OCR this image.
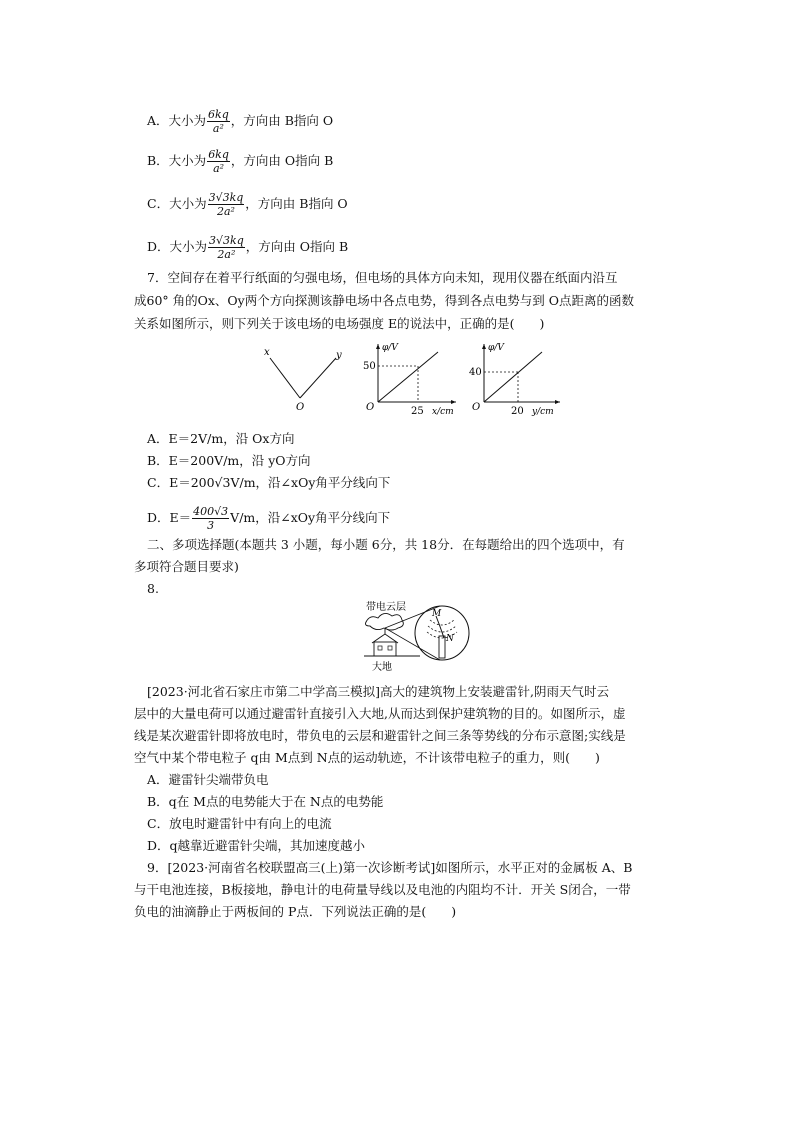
A．大小为 $\frac{6kq}{\text{a²}}$ ，方向由 B指向 O
B．大小为 $\frac{6kq}{\text{a²}}$ ，方向由 O指向 B
C．大小为 $\frac{3√3kq}{\text{2a²}}$ ，方向由 B指向 O
D．大小为 $\frac{3√3kq}{\text{2a²}}$ ，方向由 O指向 B
7．空间存在着平行纸面的匀强电场，但电场的具体方向未知，现用仪器在纸面内沿互
成60° 角的Ox、Oy两个方向探测该静电场中各点电势，得到各点电势与到 O点距离的函数
关系如图所示，则下列关于该电场的电场强度 E的说法中，正确的是(　　)
x	y
O
φ/V
50
O	25 x/cm
φ/V
40
O	20 y/cm
A．E＝2V/m，沿 Ox方向
B．E＝200V/m，沿 yO方向
C．E＝200√3V/m，沿∠xOy角平分线向下
D．$E= \frac{400√3}{3} V/m$，沿∠xOy角平分线向下
二、多项选择题(本题共 3 小题，每小题 6分，共 18分．在每题给出的四个选项中，有
多项符合题目要求)
8.
带电云层
M
N
大地
[2023·河北省石家庄市第二中学高三模拟]高大的建筑物上安装避雷针,阴雨天气时云
层中的大量电荷可以通过避雷针直接引入大地,从而达到保护建筑物的目的。如图所示，虚
线是某次避雷针即将放电时，带负电的云层和避雷针之间三条等势线的分布示意图;实线是
空气中某个带电粒子 q由 M点到 N点的运动轨迹，不计该带电粒子的重力，则(　　)
A．避雷针尖端带负电
B．q在 M点的电势能大于在 N点的电势能
C．放电时避雷针中有向上的电流
D．q越靠近避雷针尖端，其加速度越小
9．[2023·河南省名校联盟高三(上)第一次诊断考试]如图所示，水平正对的金属板 A、B
与干电池连接，B板接地，静电计的电荷量导线以及电池的内阻均不计．开关 S闭合，一带
负电的油滴静止于两板间的 P点．下列说法正确的是(　　)
